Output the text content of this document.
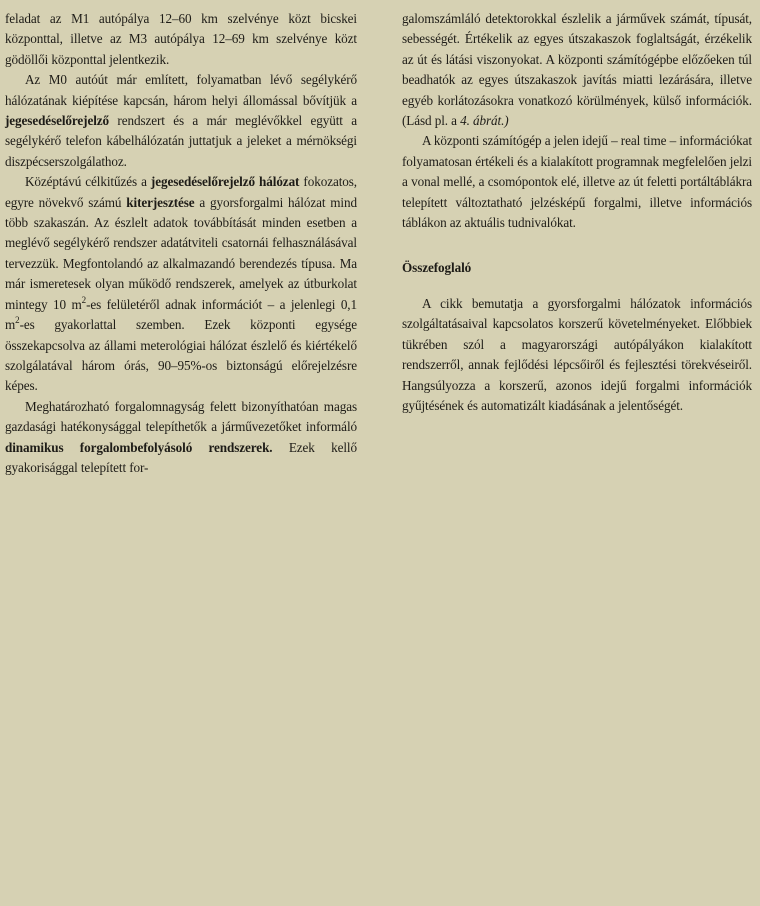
feladat az M1 autópálya 12–60 km szelvénye közt bicskei központtal, illetve az M3 autópálya 12–69 km szelvénye közt gödöllői központtal jelentkezik.

Az M0 autóút már említett, folyamatban lévő segélykérő hálózatának kiépítése kapcsán, három helyi állomással bővítjük a jegesedéselőrejelző rendszert és a már meglévőkkel együtt a segélykérő telefon kábelhálózatán juttatjuk a jeleket a mérnökségi diszpécserszolgálathoz.

Középtávú célkitűzés a jegesedéselőrejelző hálózat fokozatos, egyre növekvő számú kiterjesztése a gyorsforgalmi hálózat mind több szakaszán. Az észlelt adatok továbbítását minden esetben a meglévő segélykérő rendszer adatátviteli csatornái felhasználásával tervezzük. Megfontolandó az alkalmazandó berendezés típusa. Ma már ismeretesek olyan működő rendszerek, amelyek az útburkolat mintegy 10 $m^2-es$ felületéről adnak információt – a jelenlegi 0,1 $m^2-es$ gyakorlattal szemben. Ezek központi egysége összekapcsolva az állami meterológiai hálózat észlelő és kiértékelő szolgálatával három órás, 90–95%-os biztonságú előrejelzésre képes.

Meghatározható forgalomnagyság felett bizonyíthatóan magas gazdasági hatékonysággal telepíthetők a járművezetőket informáló dinamikus forgalombefolyásoló rendszerek. Ezek kellő gyakorisággal telepített for-

galomszámláló detektorokkal észlelik a járművek számát, típusát, sebességét. Értékelik az egyes útszakaszok foglaltságát, érzékelik az út és látási viszonyokat. A központi számítógépbe előzőeken túl beadhatók az egyes útszakaszok javítás miatti lezárására, illetve egyéb korlátozásokra vonatkozó körülmények, külső információk. (Lásd pl. a 4. ábrát.)

A központi számítógép a jelen idejű – real time – információkat folyamatosan értékeli és a kialakított programnak megfelelően jelzi a vonal mellé, a csomópontok elé, illetve az út feletti portáltáblákra telepített változtatható jelzésképű forgalmi, illetve információs táblákon az aktuális tudnivalókat.

Összefoglaló

A cikk bemutatja a gyorsforgalmi hálózatok információs szolgáltatásaival kapcsolatos korszerű követelményeket. Előbbiek tükrében szól a magyarországi autópályákon kialakított rendszerről, annak fejlődési lépcsőiről és fejlesztési törekvéseiről. Hangsúlyozza a korszerű, azonos idejű forgalmi információk gyűjtésének és automatizált kiadásának a jelentőségét.
